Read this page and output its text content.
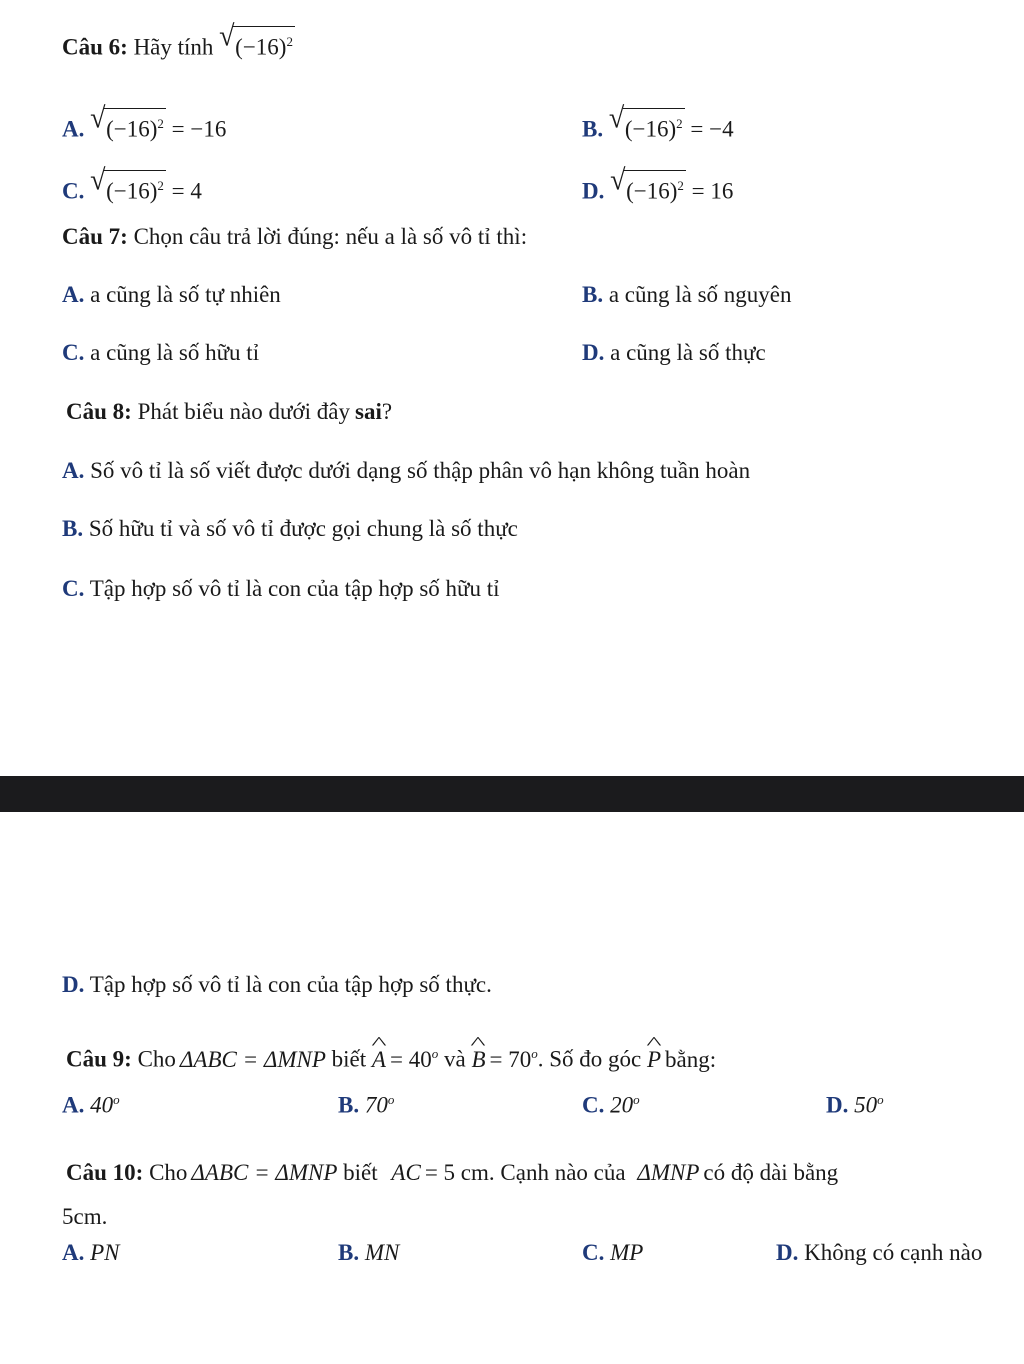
Câu 6: Hãy tính √ $(-16)^2$
A. √ $(-16)^2 = -16$	B. √ $(-16)^2 = -4$
C. √ $(-16)^2 = 4$	D. √ $(-16)^2 = 16$
Câu 7: Chọn câu trả lời đúng: nếu a là số vô tỉ thì:
A. a cũng là số tự nhiên	B. a cũng là số nguyên
C. a cũng là số hữu tỉ	D. a cũng là số thực
Câu 8: Phát biểu nào dưới đây sai?
A. Số vô tỉ là số viết được dưới dạng số thập phân vô hạn không tuần hoàn
B. Số hữu tỉ và số vô tỉ được gọi chung là số thực
C. Tập hợp số vô tỉ là con của tập hợp số hữu tỉ
D. Tập hợp số vô tỉ là con của tập hợp số thực.
Câu 9: Cho ΔABC = ΔMNP biết ^ $A = 40^o$ và ^ $B = 70^o$. Số đo góc ^ P bằng:
A. 40$^o$	B. 70$^o$	C. 20$^o$	D. 50$^o$
Câu 10: Cho ΔABC = ΔMNP biết AC = 5 cm. Cạnh nào của ΔMNP có độ dài bằng
5cm.
A. PN	B. MN	C. MP	D. Không có cạnh nào
